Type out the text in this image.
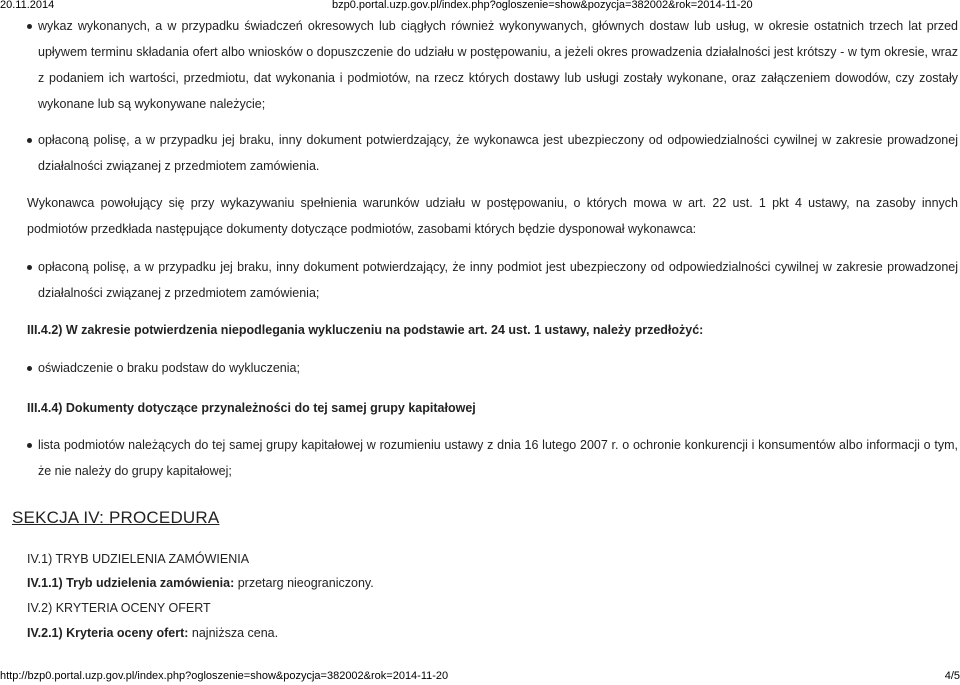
20.11.2014	bzp0.portal.uzp.gov.pl/index.php?ogloszenie=show&pozycja=382002&rok=2014-11-20
wykaz wykonanych, a w przypadku świadczeń okresowych lub ciągłych również wykonywanych, głównych dostaw lub usług, w okresie ostatnich trzech lat przed upływem terminu składania ofert albo wniosków o dopuszczenie do udziału w postępowaniu, a jeżeli okres prowadzenia działalności jest krótszy - w tym okresie, wraz z podaniem ich wartości, przedmiotu, dat wykonania i podmiotów, na rzecz których dostawy lub usługi zostały wykonane, oraz załączeniem dowodów, czy zostały wykonane lub są wykonywane należycie;
opłaconą polisę, a w przypadku jej braku, inny dokument potwierdzający, że wykonawca jest ubezpieczony od odpowiedzialności cywilnej w zakresie prowadzonej działalności związanej z przedmiotem zamówienia.
Wykonawca powołujący się przy wykazywaniu spełnienia warunków udziału w postępowaniu, o których mowa w art. 22 ust. 1 pkt 4 ustawy, na zasoby innych podmiotów przedkłada następujące dokumenty dotyczące podmiotów, zasobami których będzie dysponował wykonawca:
opłaconą polisę, a w przypadku jej braku, inny dokument potwierdzający, że inny podmiot jest ubezpieczony od odpowiedzialności cywilnej w zakresie prowadzonej działalności związanej z przedmiotem zamówienia;
III.4.2) W zakresie potwierdzenia niepodlegania wykluczeniu na podstawie art. 24 ust. 1 ustawy, należy przedłożyć:
oświadczenie o braku podstaw do wykluczenia;
III.4.4) Dokumenty dotyczące przynależności do tej samej grupy kapitałowej
lista podmiotów należących do tej samej grupy kapitałowej w rozumieniu ustawy z dnia 16 lutego 2007 r. o ochronie konkurencji i konsumentów albo informacji o tym, że nie należy do grupy kapitałowej;
SEKCJA IV: PROCEDURA
IV.1) TRYB UDZIELENIA ZAMÓWIENIA
IV.1.1) Tryb udzielenia zamówienia: przetarg nieograniczony.
IV.2) KRYTERIA OCENY OFERT
IV.2.1) Kryteria oceny ofert: najniższa cena.
http://bzp0.portal.uzp.gov.pl/index.php?ogloszenie=show&pozycja=382002&rok=2014-11-20	4/5
